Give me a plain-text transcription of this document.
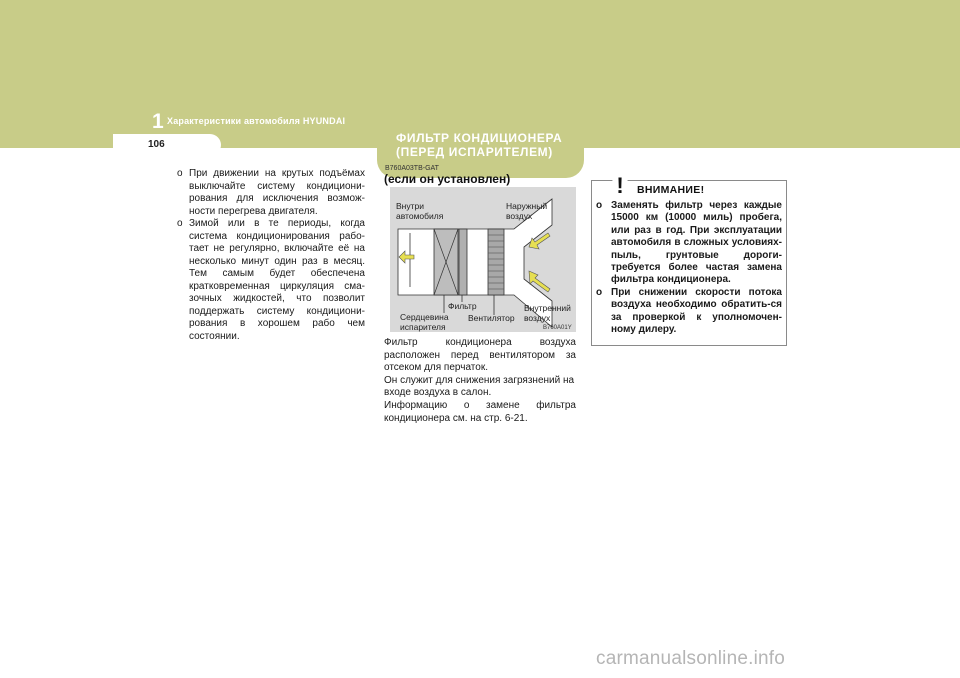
1 Характеристики автомобиля HYUNDAI
106	ФИЛЬТР КОНДИЦИОНЕРА
(ПЕРЕД ИСПАРИТЕЛЕМ)
B760A03TB-GAT
(если он установлен)
o При движении на крутых подъёмах выключайте систему кондициони-рования для исключения возмож-ности перегрева двигателя.
o Зимой или в те периоды, когда система кондиционирования рабо-тает не регулярно, включайте её на несколько минут один раз в месяц. Тем самым будет обеспечена кратковременная циркуляция сма-зочных жидкостей, что позволит поддержать систему кондициони-рования в хорошем рабо чем состоянии.
Внутри автомобиля
Наружный воздух
Фильтр
Сердцевина испарителя
Вентилятор
Внутренний воздух
B760A01Y

Фильтр кондиционера воздуха расположен перед вентилятором за отсеком для перчаток.

Он служит для снижения загрязнений на входе воздуха в салон.

Информацию о замене фильтра кондиционера см. на стр. 6-21.

! ВНИМАНИЕ!
o Заменять фильтр через каждые 15000 км (10000 миль) пробега, или раз в год. При эксплуатации автомобиля в сложных условиях-пыль, грунтовые дороги-требуется более частая замена фильтра кондиционера.
o При снижении скорости потока воздуха необходимо обратить-ся за проверкой к уполномочен-ному дилеру.
carmanualsonline.info
